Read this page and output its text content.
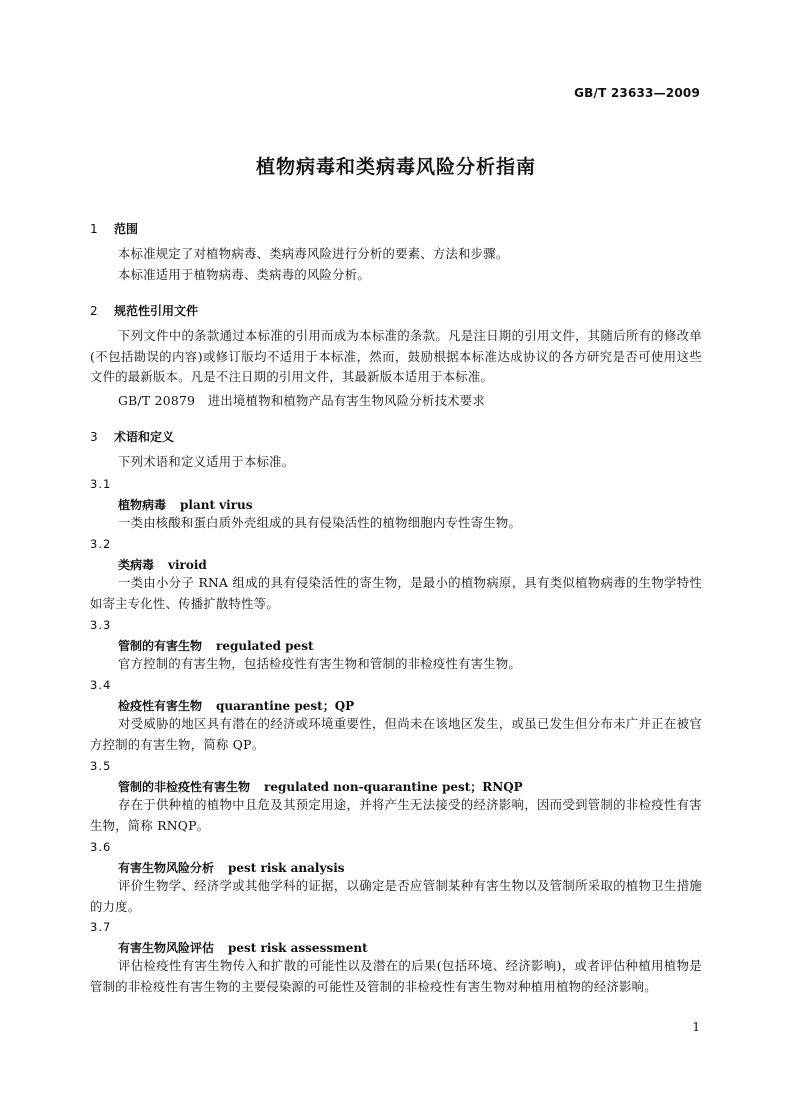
GB/T 23633—2009
植物病毒和类病毒风险分析指南
1 范围
本标准规定了对植物病毒、类病毒风险进行分析的要素、方法和步骤。
本标准适用于植物病毒、类病毒的风险分析。
2 规范性引用文件
下列文件中的条款通过本标准的引用而成为本标准的条款。凡是注日期的引用文件，其随后所有的修改单(不包括勘误的内容)或修订版均不适用于本标准，然而，鼓励根据本标准达成协议的各方研究是否可使用这些文件的最新版本。凡是不注日期的引用文件，其最新版本适用于本标准。
GB/T 20879　进出境植物和植物产品有害生物风险分析技术要求
3 术语和定义
下列术语和定义适用于本标准。
3.1
植物病毒 plant virus
一类由核酸和蛋白质外壳组成的具有侵染活性的植物细胞内专性寄生物。
3.2
类病毒 viroid
一类由小分子 RNA 组成的具有侵染活性的寄生物，是最小的植物病原，具有类似植物病毒的生物学特性如寄主专化性、传播扩散特性等。
3.3
管制的有害生物 regulated pest
官方控制的有害生物，包括检疫性有害生物和管制的非检疫性有害生物。
3.4
检疫性有害生物 quarantine pest；QP
对受威胁的地区具有潜在的经济或环境重要性，但尚未在该地区发生，或虽已发生但分布未广并正在被官方控制的有害生物，简称 QP。
3.5
管制的非检疫性有害生物 regulated non-quarantine pest；RNQP
存在于供种植的植物中且危及其预定用途，并将产生无法接受的经济影响，因而受到管制的非检疫性有害生物，简称 RNQP。
3.6
有害生物风险分析 pest risk analysis
评价生物学、经济学或其他学科的证据，以确定是否应管制某种有害生物以及管制所采取的植物卫生措施的力度。
3.7
有害生物风险评估 pest risk assessment
评估检疫性有害生物传入和扩散的可能性以及潜在的后果(包括环境、经济影响)，或者评估种植用植物是管制的非检疫性有害生物的主要侵染源的可能性及管制的非检疫性有害生物对种植用植物的经济影响。
1
